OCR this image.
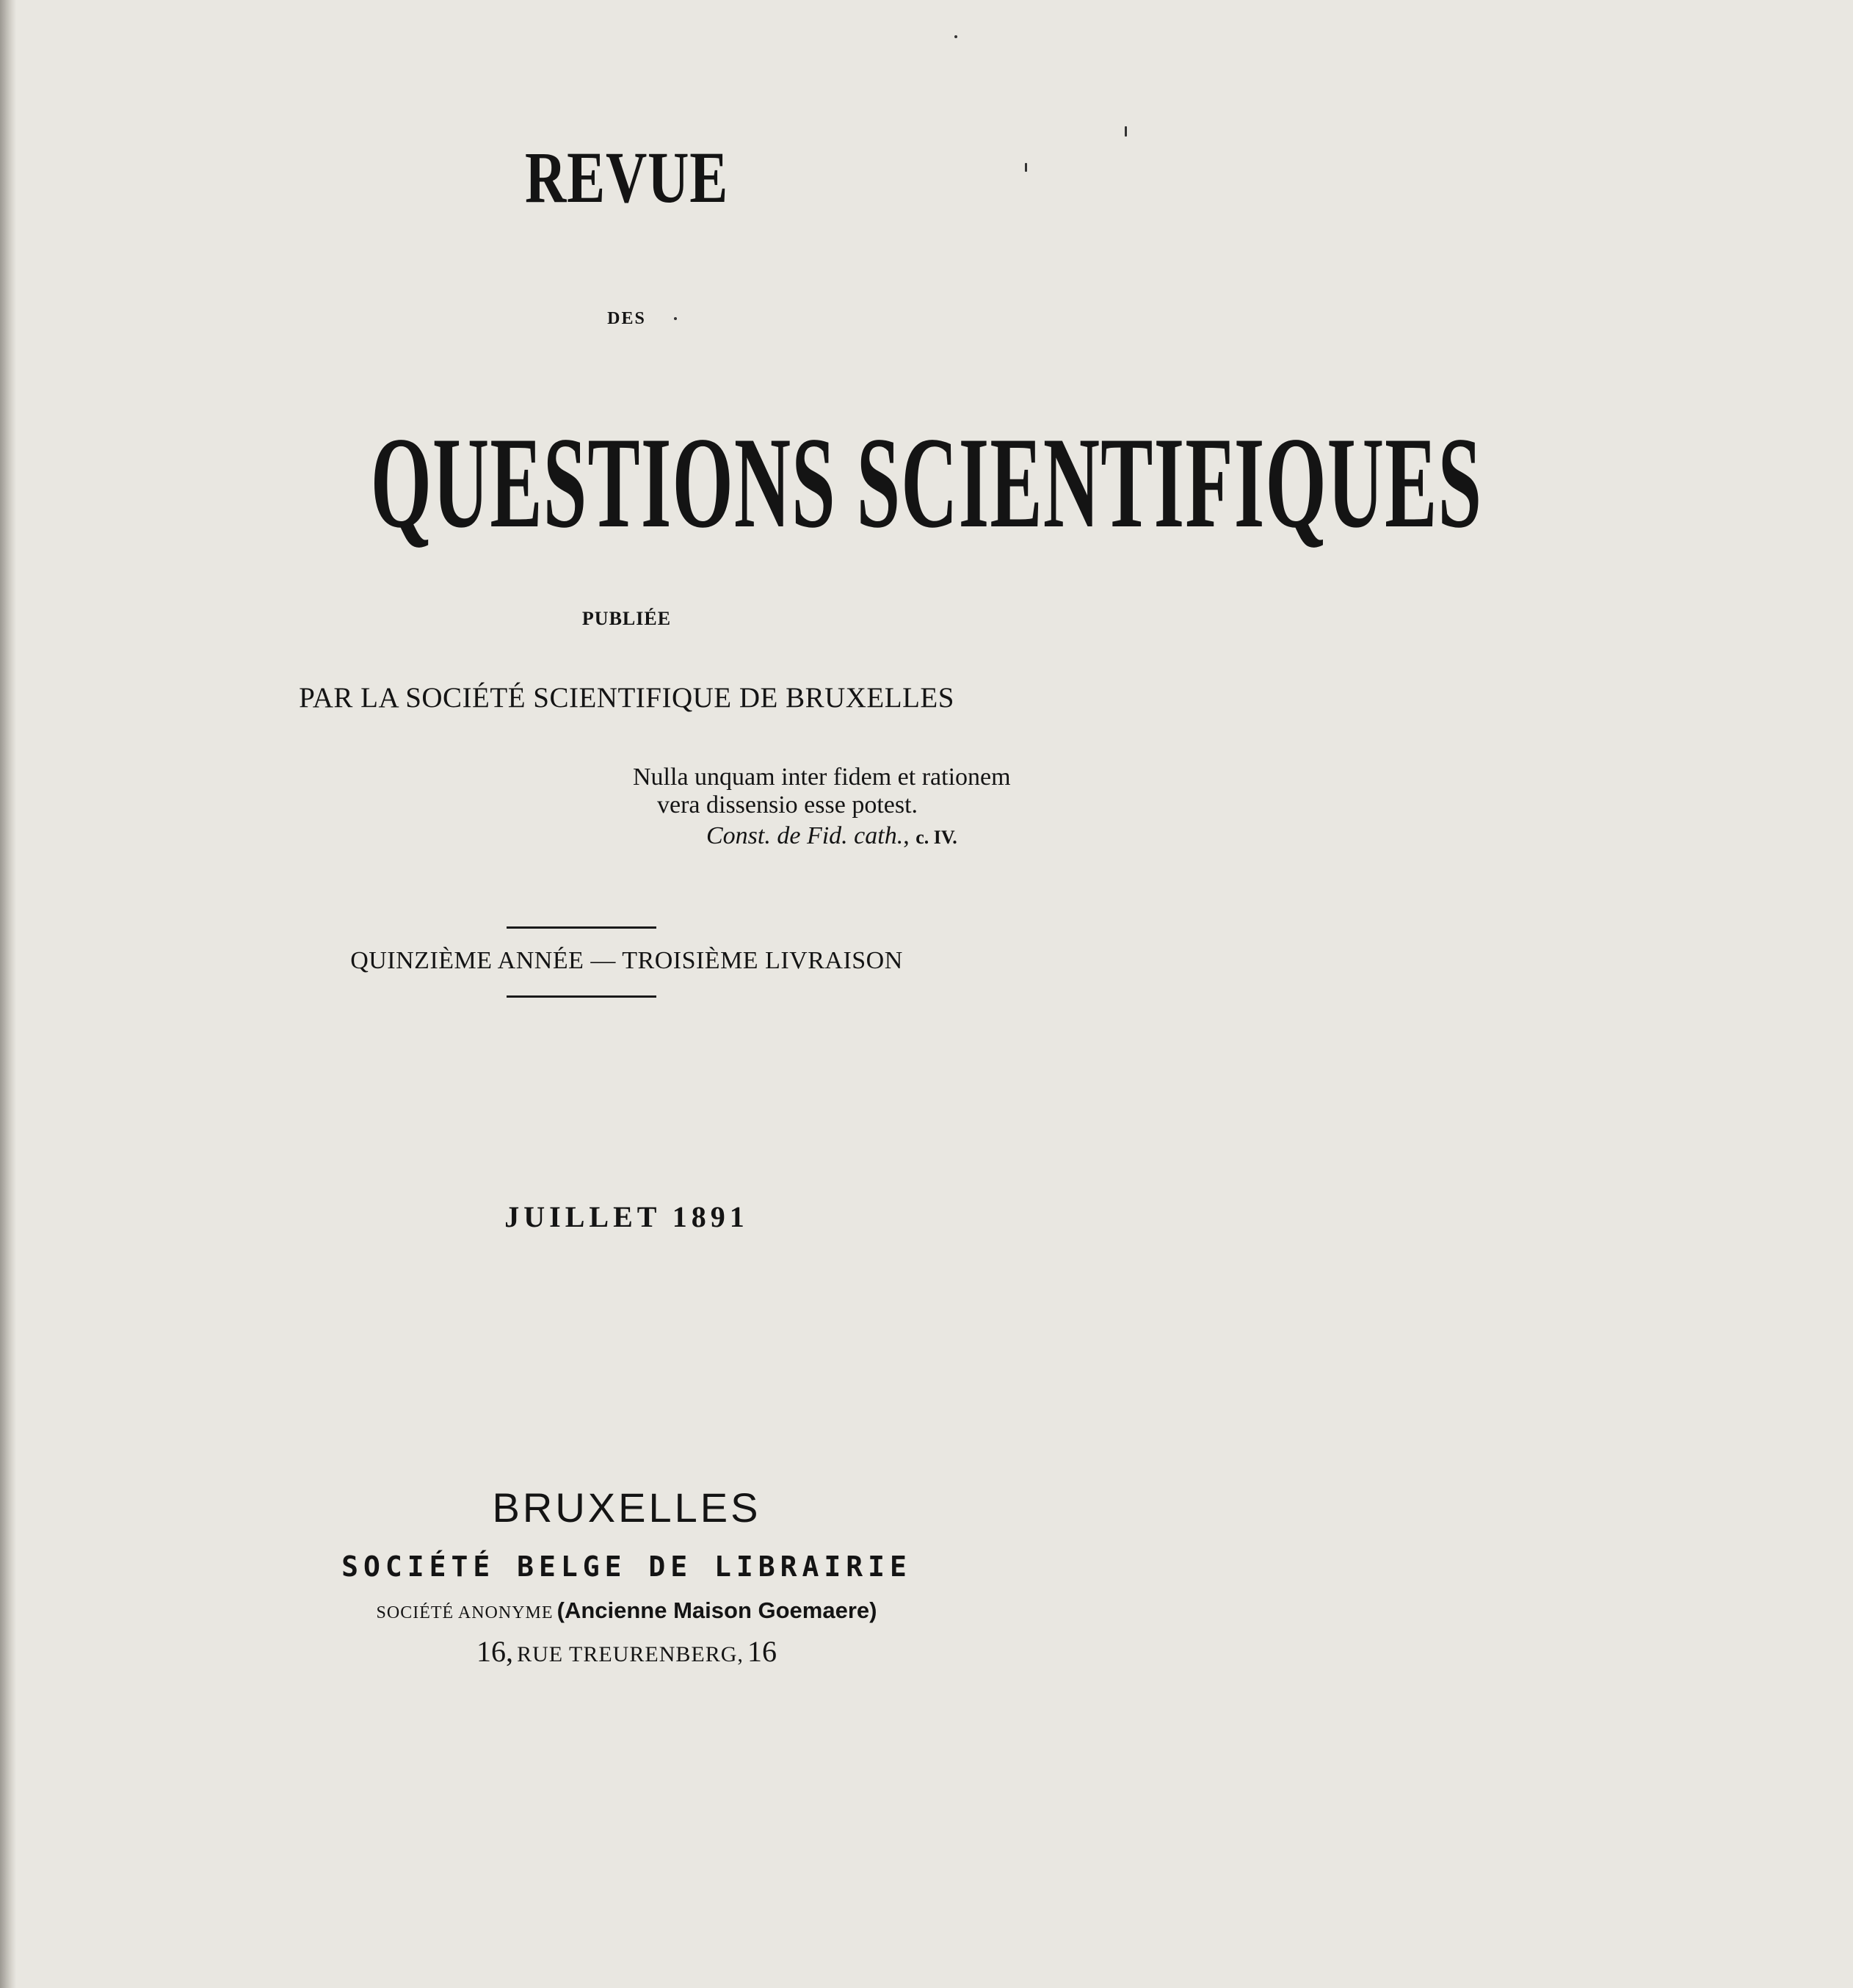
REVUE
DES
QUESTIONS SCIENTIFIQUES
PUBLIÉE
PAR LA SOCIÉTÉ SCIENTIFIQUE DE BRUXELLES
Nulla unquam inter fidem et rationem
vera dissensio esse potest.
Const. de Fid. cath., c. IV.
QUINZIÈME ANNÉE — TROISIÈME LIVRAISON
JUILLET 1891
BRUXELLES
SOCIÉTÉ BELGE DE LIBRAIRIE
SOCIÉTÉ ANONYME (Ancienne Maison Goemaere)
16, RUE TREURENBERG, 16
